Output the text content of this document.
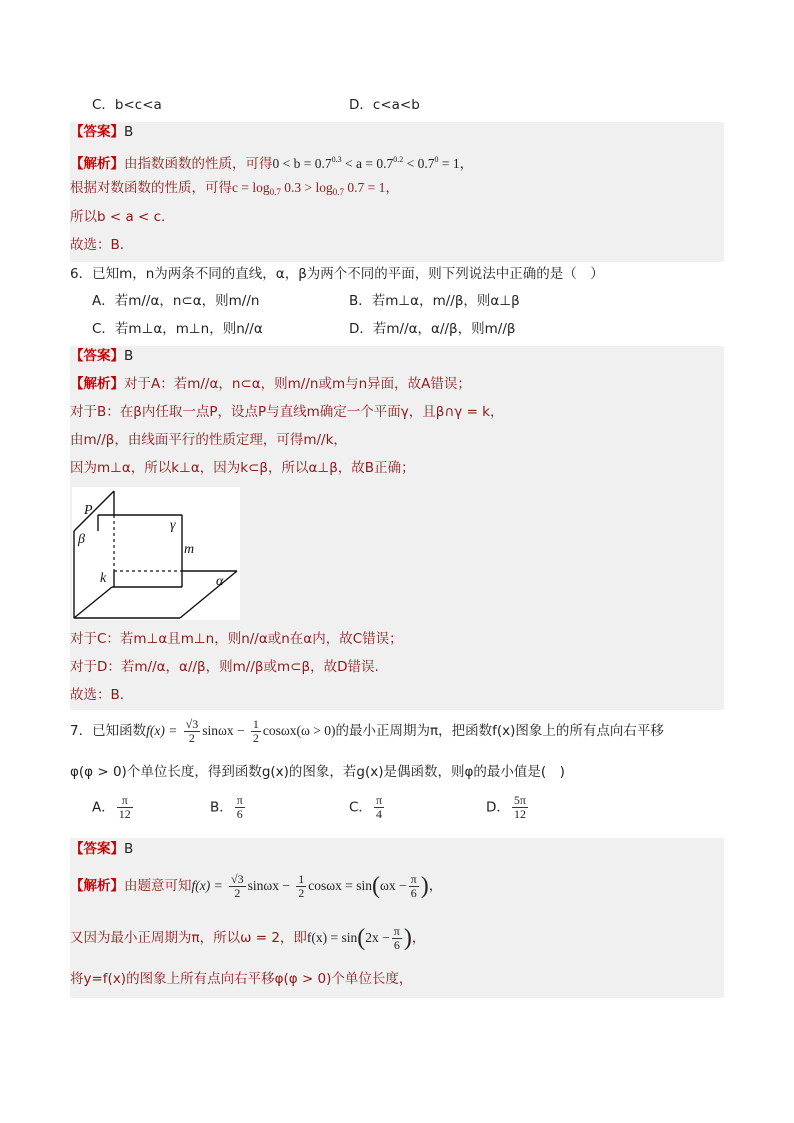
C．b<c<a	D．c<a<b
【答案】B
【解析】由指数函数的性质，可得$0 < b = 0.7^{0.3} < a = 0.7^{0.2} < 0.7^0 = 1$，
根据对数函数的性质，可得$c = \log_{0.7} 0.3 > \log_{0.7} 0.7 = 1$，
所以b < a < c.
故选：B.
6．已知m，n为两条不同的直线，α，β为两个不同的平面，则下列说法中正确的是（　）
A．若m//α，n⊂α，则m//n	B．若m⊥α，m//β，则α⊥β
C．若m⊥α，m⊥n，则n//α	D．若m//α，α//β，则m//β
【答案】B
【解析】对于A：若m//α，n⊂α，则m//n或m与n异面，故A错误；
对于B：在β内任取一点P，设点P与直线m确定一个平面γ，且β∩γ = k，
由m//β，由线面平行的性质定理，可得m//k，
因为m⊥α，所以k⊥α，因为k⊂β，所以α⊥β，故B正确；
P
β
γ
m
k	α
对于C：若m⊥α且m⊥n，则n//α或n在α内，故C错误；
对于D：若m//α，α//β，则m//β或m⊂β，故D错误.
故选：B.
7．已知函数$f(x) = \frac{√3}{2}$ $\sin\omega x - \frac{1}{2} \cos\omega x(\omega > 0)$的最小正周期为π，把函数f(x)图象上的所有点向右平移
φ(φ > 0)个单位长度，得到函数g(x)的图象，若g(x)是偶函数，则φ的最小值是(　)
A． $\frac{\pi}{12}$	B． $\frac{\pi}{6}$	C． $\frac{\pi}{4}$	D． $\frac{5\pi}{12}$
【答案】B
【解析】由题意可知$f(x) = \frac{√3}{2}$ $\sin\omega x - \frac{1}{2}$ $\cos\omega x = \sin(\omega x - \frac{\pi}{6}$ )，
又因为最小正周期为π，所以ω = 2，即$f(x) = \sin(2x - \frac{\pi}{6}$ )，
将y=f(x)的图象上所有点向右平移φ(φ > 0)个单位长度，
